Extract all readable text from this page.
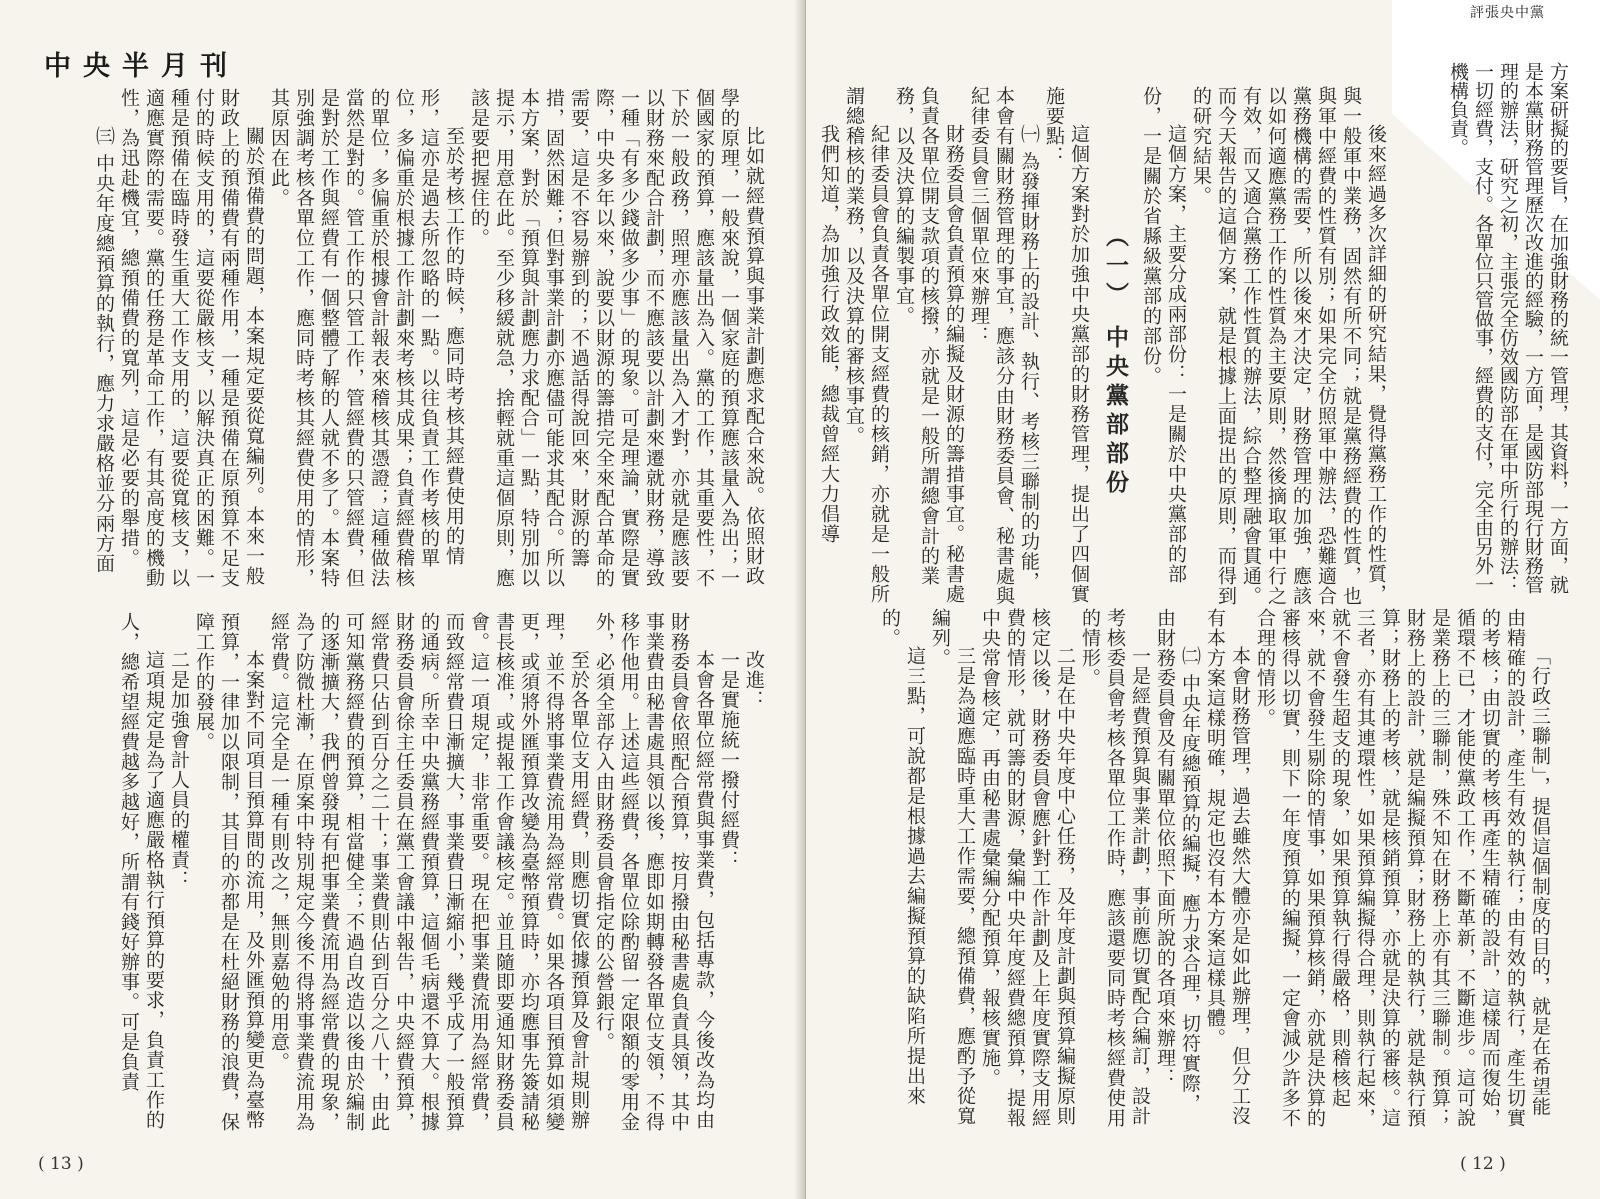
中央半月刊

比如就經費預算與事業計劃應求配合來說。依照財政學的原理，一般來說，一個家庭的預算應該量入為出；一個國家的預算，應該量出為入。黨的工作，其重要性，不下於一般政務，照理亦應該量出為入才對，亦就是應該要以財務來配合計劃，而不應該要以計劃來遷就財務，導致一種「有多少錢做多少事」的現象。可是理論，實際是實際，中央多年以來，說要以財源的籌措完全來配合革命的需要，這是不容易辦到的；不過話得說回來，財源的籌措，固然困難；但對事業計劃亦應儘可能求其配合。所以本方案，對於「預算與計劃應力求配合」一點，特別加以提示，用意在此。至少移緩就急，捨輕就重這個原則，應該是要把握住的。

至於考核工作的時候，應同時考核其經費使用的情形，這亦是過去所忽略的一點。以往負責工作考核的單位，多偏重於根據工作計劃來考核其成果；負責經費稽核的單位，多偏重於根據會計報表來稽核其憑證；這種做法當然是對的。管工作的只管工作，管經費的只管經費，但是對於工作與經費有一個整體了解的人就不多了。本案特別強調考核各單位工作，應同時考核其經費使用的情形，其原因在此。

關於預備費的問題，本案規定要從寬編列。本來一般財政上的預備費有兩種作用，一種是預備在原預算不足支付的時候支用的，這要從嚴核支，以解決真正的困難。一種是預備在臨時發生重大工作支用的，這要從寬核支，以適應實際的需要。黨的任務是革命工作，有其高度的機動性，為迅赴機宜，總預備費的寬列，這是必要的舉措。

㈢ 中央年度總預算的執行，應力求嚴格並分兩方面

改進：

一是實施統一撥付經費：

本會各單位經常費與事業費，包括專款，今後改為均由財務委員會依照配合預算，按月撥由秘書處負責具領，其中事業費由秘書處具領以後，應即如期轉發各單位支領，不得移作他用。上述這些經費，各單位除酌留一定限額的零用金外，必須全部存入由財務委員會指定的公營銀行。

至於各單位支用經費，則應切實依據預算及會計規則辦理，並不得將事業費流用為經常費。如果各項目預算如須變更，或須將外匯預算改變為臺幣預算時，亦均應事先簽請秘書長核准，或提報工作會議核定。並且隨即要通知財務委員會。這一項規定，非常重要。現在把事業費流用為經常費，而致經常費日漸擴大，事業費日漸縮小，幾乎成了一般預算的通病。所幸中央黨務經費預算，這個毛病還不算大。根據財務委員會徐主任委員在黨工會議中報告，中央經費預算，經常費只佔到百分之二十；事業費則佔到百分之八十，由此可知黨務經費的預算，相當健全；不過自改造以後由於編制的逐漸擴大，我們曾發現有把事業費流用為經常費的現象，為了防微杜漸，在原案中特別規定今後不得將事業費流用為經常費。這完全是一種有則改之，無則嘉勉的用意。

本案對不同項目預算間的流用，及外匯預算變更為臺幣預算，一律加以限制，其目的亦都是在杜絕財務的浪費，保障工作的發展。

二是加強會計人員的權責：

這項規定是為了適應嚴格執行預算的要求，負責工作的人，總希望經費越多越好，所謂有錢好辦事。可是負責

( 13 )

後來經過多次詳細的研究結果，覺得黨務工作的性質，與一般軍中業務，固然有所不同；就是黨務經費的性質，也與軍中經費的性質有別；如果完全仿照軍中辦法，恐難適合黨務機構的需要，所以後來才決定，財務管理的加強，應該以如何適應黨務工作的性質為主要原則，然後摘取軍中行之有效，而又適合黨務工作性質的辦法，綜合整理融會貫通。而今天報告的這個方案，就是根據上面提出的原則，而得到的研究結果。

這個方案，主要分成兩部份：一是關於中央黨部的部份，一是關於省縣級黨部的部份。

（一） 中央黨部部份

這個方案對於加強中央黨部的財務管理，提出了四個實施要點：

㈠ 為發揮財務上的設計、執行、考核三聯制的功能，本會有關財務管理的事宜，應該分由財務委員會、秘書處與紀律委員會三個單位來辦理：

財務委員會負責預算的編擬及財源的籌措事宜。秘書處負責各單位開支款項的核撥，亦就是一般所謂總會計的業務，以及決算的編製事宜。

紀律委員會負責各單位開支經費的核銷，亦就是一般所謂總稽核的業務，以及決算的審核事宜。

我們知道，為加強行政效能，總裁曾經大力倡導

「行政三聯制」，提倡這個制度的目的，就是在希望能由精確的設計，產生有效的執行；由有效的執行，產生切實的考核；由切實的考核再產生精確的設計，這樣周而復始，循環不已，才能使黨政工作，不斷革新，不斷進步。這可說是業務上的三聯制，殊不知在財務上亦有其三聯制。預算；財務上的設計，就是編擬預算；財務上的執行，就是執行預算；財務上的考核，就是核銷預算，亦就是決算的審核。這三者，亦有其連環性，如果預算編擬得合理，則執行起來，就不會發生超支的現象，如果預算執行得嚴格，則稽核起來，就不會發生剔除的情事，如果預算核銷，亦就是決算的審核得以切實，則下一年度預算的編擬，一定會減少許多不合理的情形。

本會財務管理，過去雖然大體亦是如此辦理，但分工沒有本方案這樣明確，規定也沒有本方案這樣具體。

㈡ 中央年度總預算的編擬，應力求合理，切符實際，由財務委員會及有關單位依照下面所說的各項來辦理：

一是經費預算與事業計劃，事前應切實配合編訂，設計考核委員會考核各單位工作時，應該還要同時考核經費使用的情形。

二是在中央年度中心任務，及年度計劃與預算編擬原則核定以後，財務委員會應針對工作計劃及上年度實際支用經費的情形，就可籌的財源，彙編中央年度經費總預算，提報中央常會核定，再由秘書處彙編分配預算，報核實施。

三是為適應臨時重大工作需要，總預備費，應酌予從寬編列。

這三點，可說都是根據過去編擬預算的缺陷所提出來的。

方案研擬的要旨，在加強財務的統一管理，其資料，一方面，就是本黨財務管理歷次改進的經驗，一方面，是國防部現行財務管理的辦法，研究之初，主張完全仿效國防部在軍中所行的辦法：一切經費，支付。各單位只管做事，經費的支付，完全由另外一機構負責。

評張央中黨
( 12 )
